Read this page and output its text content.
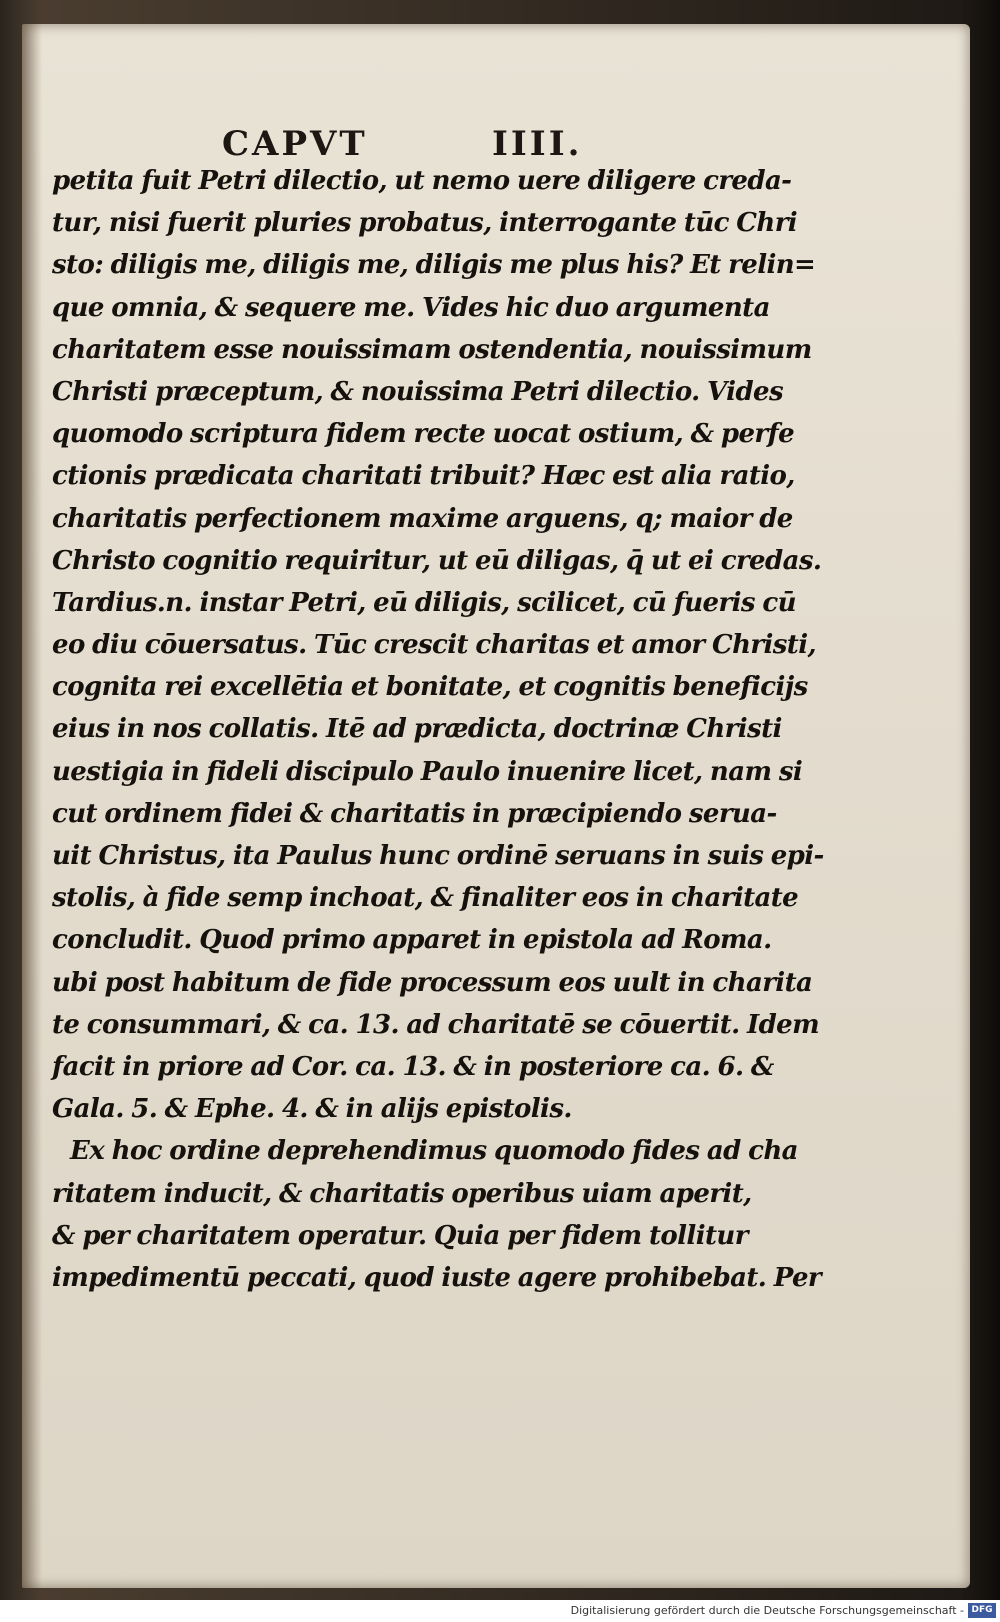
CAPVT	IIII.
petita fuit Petri dilectio, ut nemo uere diligere creda-
tur, nisi fuerit pluries probatus, interrogante tūc Chri
sto: diligis me, diligis me, diligis me plus his? Et relin=
que omnia, & sequere me. Vides hic duo argumenta
charitatem esse nouissimam ostendentia, nouissimum
Christi præceptum, & nouissima Petri dilectio. Vides
quomodo scriptura fidem recte uocat ostium, & perfe
ctionis prædicata charitati tribuit? Hæc est alia ratio,
charitatis perfectionem maxime arguens, q; maior de
Christo cognitio requiritur, ut eū diligas, q̄ ut ei credas.
Tardius.n. instar Petri, eū diligis, scilicet, cū fueris cū
eo diu cōuersatus. Tūc crescit charitas et amor Christi,
cognita rei excellētia et bonitate, et cognitis beneficijs
eius in nos collatis. Itē ad prædicta, doctrinæ Christi
uestigia in fideli discipulo Paulo inuenire licet, nam si
cut ordinem fidei & charitatis in præcipiendo serua-
uit Christus, ita Paulus hunc ordinē seruans in suis epi-
stolis, à fide semp inchoat, & finaliter eos in charitate
concludit. Quod primo apparet in epistola ad Roma.
ubi post habitum de fide processum eos uult in charita
te consummari, & ca. 13. ad charitatē se cōuertit. Idem
facit in priore ad Cor. ca. 13. & in posteriore ca. 6. &
Gala. 5. & Ephe. 4. & in alijs epistolis.
Ex hoc ordine deprehendimus quomodo fides ad cha
ritatem inducit, & charitatis operibus uiam aperit,
& per charitatem operatur. Quia per fidem tollitur
impedimentū peccati, quod iuste agere prohibebat. Per
Digitalisierung gefördert durch die Deutsche Forschungsgemeinschaft - DFG
